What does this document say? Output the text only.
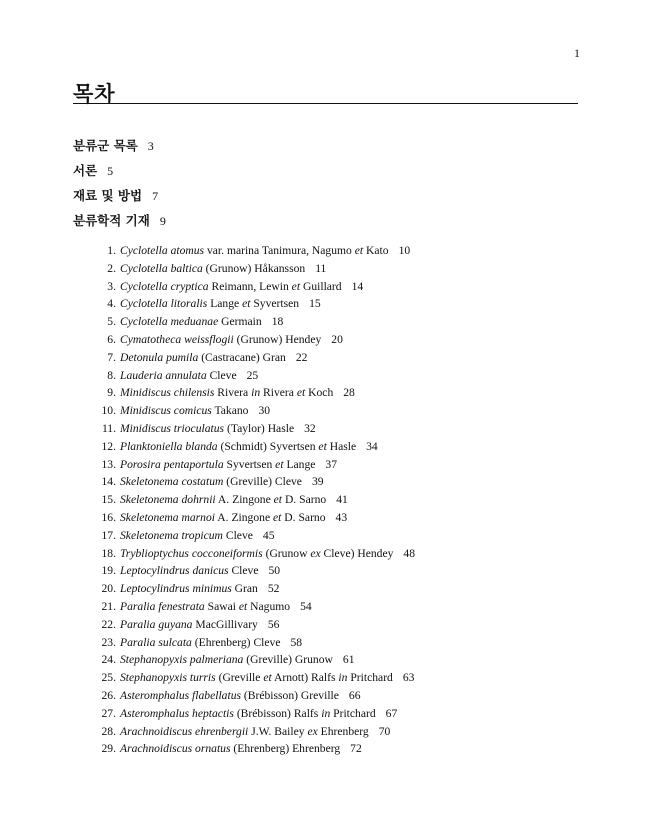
1
목차
분류군 목록 3
서론 5
재료 및 방법 7
분류학적 기재 9
1. Cyclotella atomus var. marina Tanimura, Nagumo et Kato 10
2. Cyclotella baltica (Grunow) Håkansson 11
3. Cyclotella cryptica Reimann, Lewin et Guillard 14
4. Cyclotella litoralis Lange et Syvertsen 15
5. Cyclotella meduanae Germain 18
6. Cymatotheca weissflogii (Grunow) Hendey 20
7. Detonula pumila (Castracane) Gran 22
8. Lauderia annulata Cleve 25
9. Minidiscus chilensis Rivera in Rivera et Koch 28
10. Minidiscus comicus Takano 30
11. Minidiscus trioculatus (Taylor) Hasle 32
12. Planktoniella blanda (Schmidt) Syvertsen et Hasle 34
13. Porosira pentaportula Syvertsen et Lange 37
14. Skeletonema costatum (Greville) Cleve 39
15. Skeletonema dohrnii A. Zingone et D. Sarno 41
16. Skeletonema marnoi A. Zingone et D. Sarno 43
17. Skeletonema tropicum Cleve 45
18. Trybliоptychus cocconeiformis (Grunow ex Cleve) Hendey 48
19. Leptocylindrus danicus Cleve 50
20. Leptocylindrus minimus Gran 52
21. Paralia fenestrata Sawai et Nagumo 54
22. Paralia guyana MacGillivary 56
23. Paralia sulcata (Ehrenberg) Cleve 58
24. Stephanopyxis palmeriana (Greville) Grunow 61
25. Stephanopyxis turris (Greville et Arnott) Ralfs in Pritchard 63
26. Asteromphalus flabellatus (Brébisson) Greville 66
27. Asteromphalus heptactis (Brébisson) Ralfs in Pritchard 67
28. Arachnoidiscus ehrenbergii J.W. Bailey ex Ehrenberg 70
29. Arachnoidiscus ornatus (Ehrenberg) Ehrenberg 72
